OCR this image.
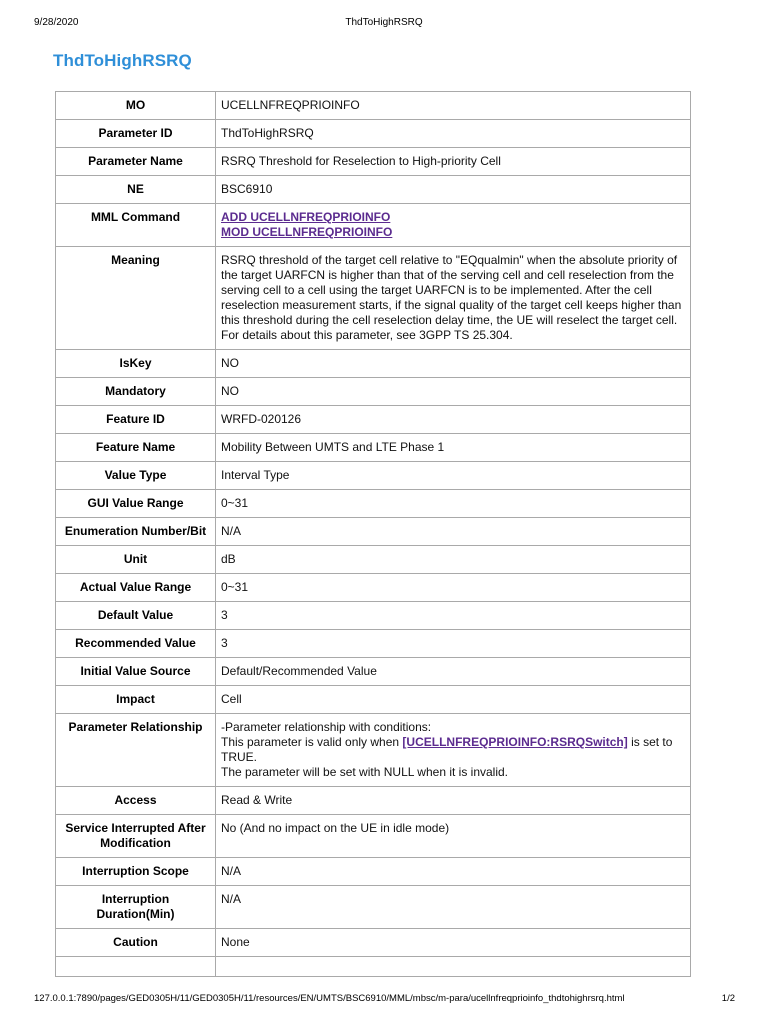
9/28/2020	ThdToHighRSRQ
ThdToHighRSRQ
MO	UCELLNFREQPRIOINFO
Parameter ID	ThdToHighRSRQ
Parameter Name	RSRQ Threshold for Reselection to High-priority Cell
NE	BSC6910
MML Command	ADD UCELLNFREQPRIOINFO
MOD UCELLNFREQPRIOINFO
Meaning	RSRQ threshold of the target cell relative to "EQqualmin" when the absolute priority of the target UARFCN is higher than that of the serving cell and cell reselection from the serving cell to a cell using the target UARFCN is to be implemented. After the cell reselection measurement starts, if the signal quality of the target cell keeps higher than this threshold during the cell reselection delay time, the UE will reselect the target cell. For details about this parameter, see 3GPP TS 25.304.
IsKey	NO
Mandatory	NO
Feature ID	WRFD-020126
Feature Name	Mobility Between UMTS and LTE Phase 1
Value Type	Interval Type
GUI Value Range	0~31
Enumeration Number/Bit	N/A
Unit	dB
Actual Value Range	0~31
Default Value	3
Recommended Value	3
Initial Value Source	Default/Recommended Value
Impact	Cell
Parameter Relationship	-Parameter relationship with conditions:
This parameter is valid only when [UCELLNFREQPRIOINFO:RSRQSwitch] is set to TRUE.
The parameter will be set with NULL when it is invalid.

Access	Read & Write
Service Interrupted After Modification	No (And no impact on the UE in idle mode)
Interruption Scope	N/A
Interruption Duration(Min)	N/A
Caution	None

127.0.0.1:7890/pages/GED0305H/11/GED0305H/11/resources/EN/UMTS/BSC6910/MML/mbsc/m-para/ucellnfreqprioinfo_thdtohighrsrq.html	1/2
